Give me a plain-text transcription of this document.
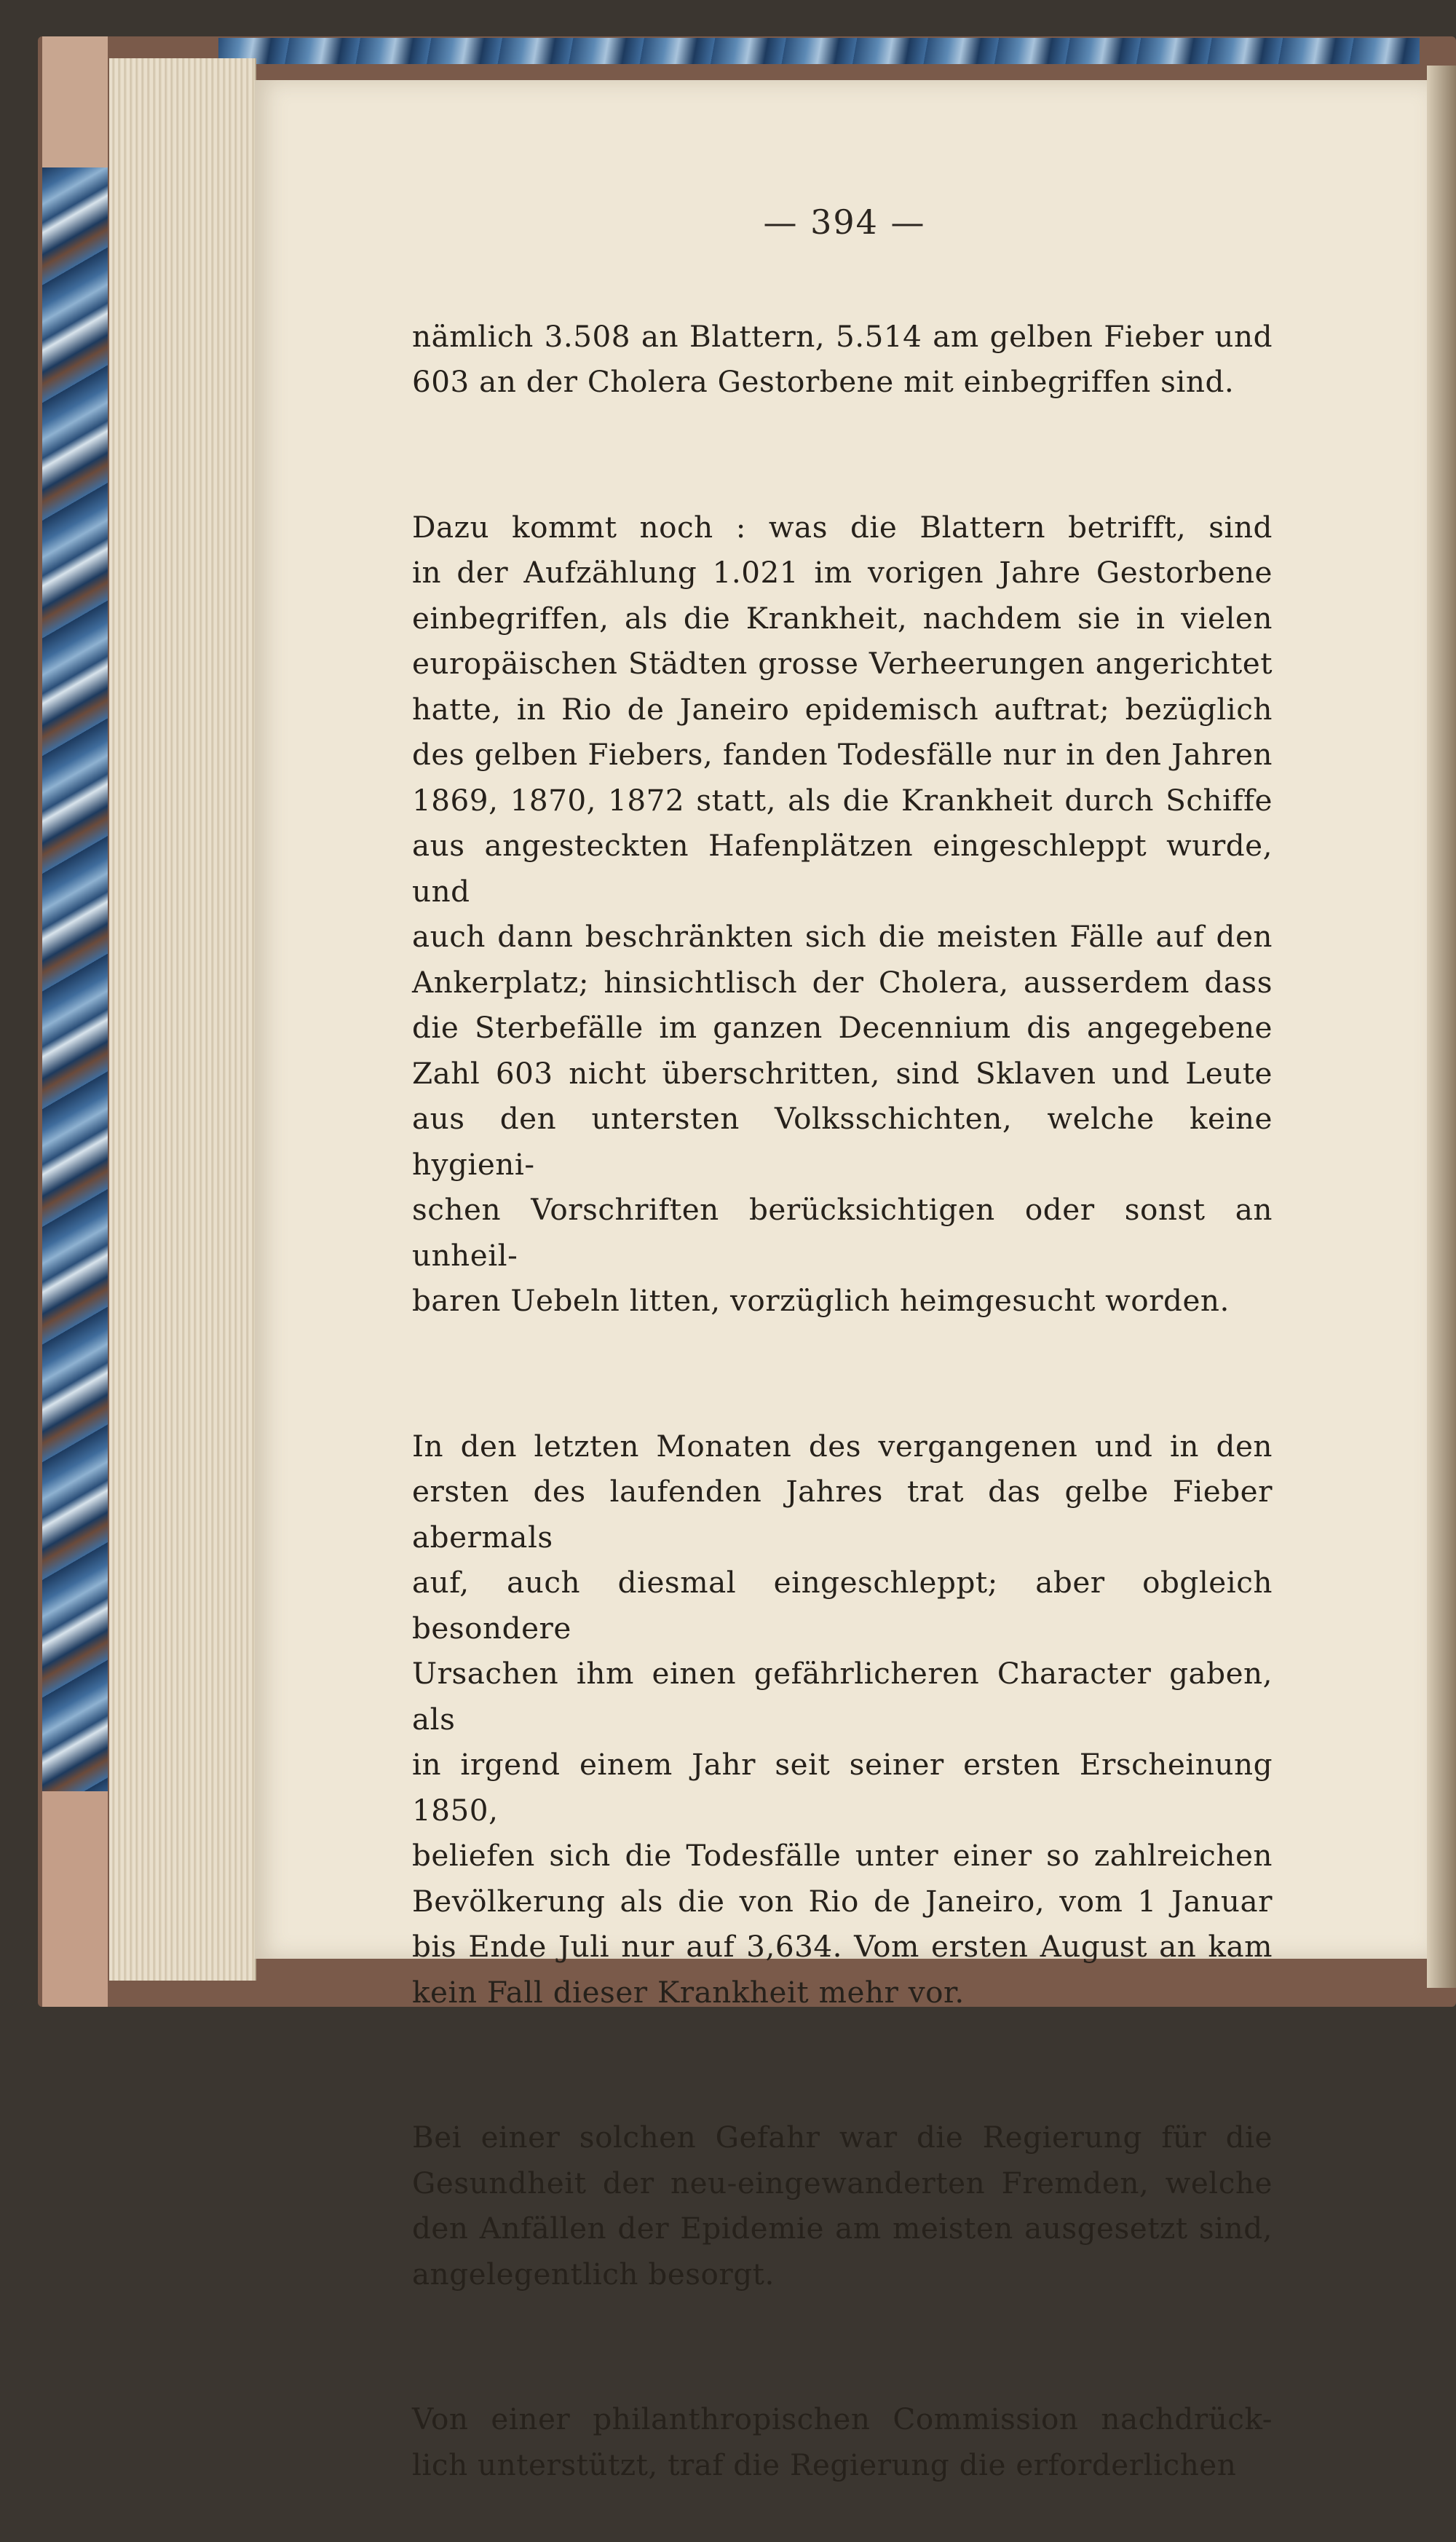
— 394 —

nämlich 3.508 an Blattern, 5.514 am gelben Fieber und

603 an der Cholera Gestorbene mit einbegriffen sind.

Dazu kommt noch : was die Blattern betrifft, sind
in der Aufzählung 1.021 im vorigen Jahre Gestorbene
einbegriffen, als die Krankheit, nachdem sie in vielen
europäischen Städten grosse Verheerungen angerichtet
hatte, in Rio de Janeiro epidemisch auftrat; bezüglich
des gelben Fiebers, fanden Todesfälle nur in den Jahren
1869, 1870, 1872 statt, als die Krankheit durch Schiffe
aus angesteckten Hafenplätzen eingeschleppt wurde, und
auch dann beschränkten sich die meisten Fälle auf den
Ankerplatz; hinsichtlisch der Cholera, ausserdem dass
die Sterbefälle im ganzen Decennium dis angegebene
Zahl 603 nicht überschritten, sind Sklaven und Leute
aus den untersten Volksschichten, welche keine hygieni-
schen Vorschriften berücksichtigen oder sonst an unheil-

baren Uebeln litten, vorzüglich heimgesucht worden.

In den letzten Monaten des vergangenen und in den
ersten des laufenden Jahres trat das gelbe Fieber abermals
auf, auch diesmal eingeschleppt; aber obgleich besondere
Ursachen ihm einen gefährlicheren Character gaben, als
in irgend einem Jahr seit seiner ersten Erscheinung 1850,
beliefen sich die Todesfälle unter einer so zahlreichen
Bevölkerung als die von Rio de Janeiro, vom 1 Januar
bis Ende Juli nur auf 3,634. Vom ersten August an kam

kein Fall dieser Krankheit mehr vor.

Bei einer solchen Gefahr war die Regierung für die
Gesundheit der neu-eingewanderten Fremden, welche
den Anfällen der Epidemie am meisten ausgesetzt sind,

angelegentlich besorgt.

Von einer philanthropischen Commission nachdrück-

lich unterstützt, traf die Regierung die erforderlichen
